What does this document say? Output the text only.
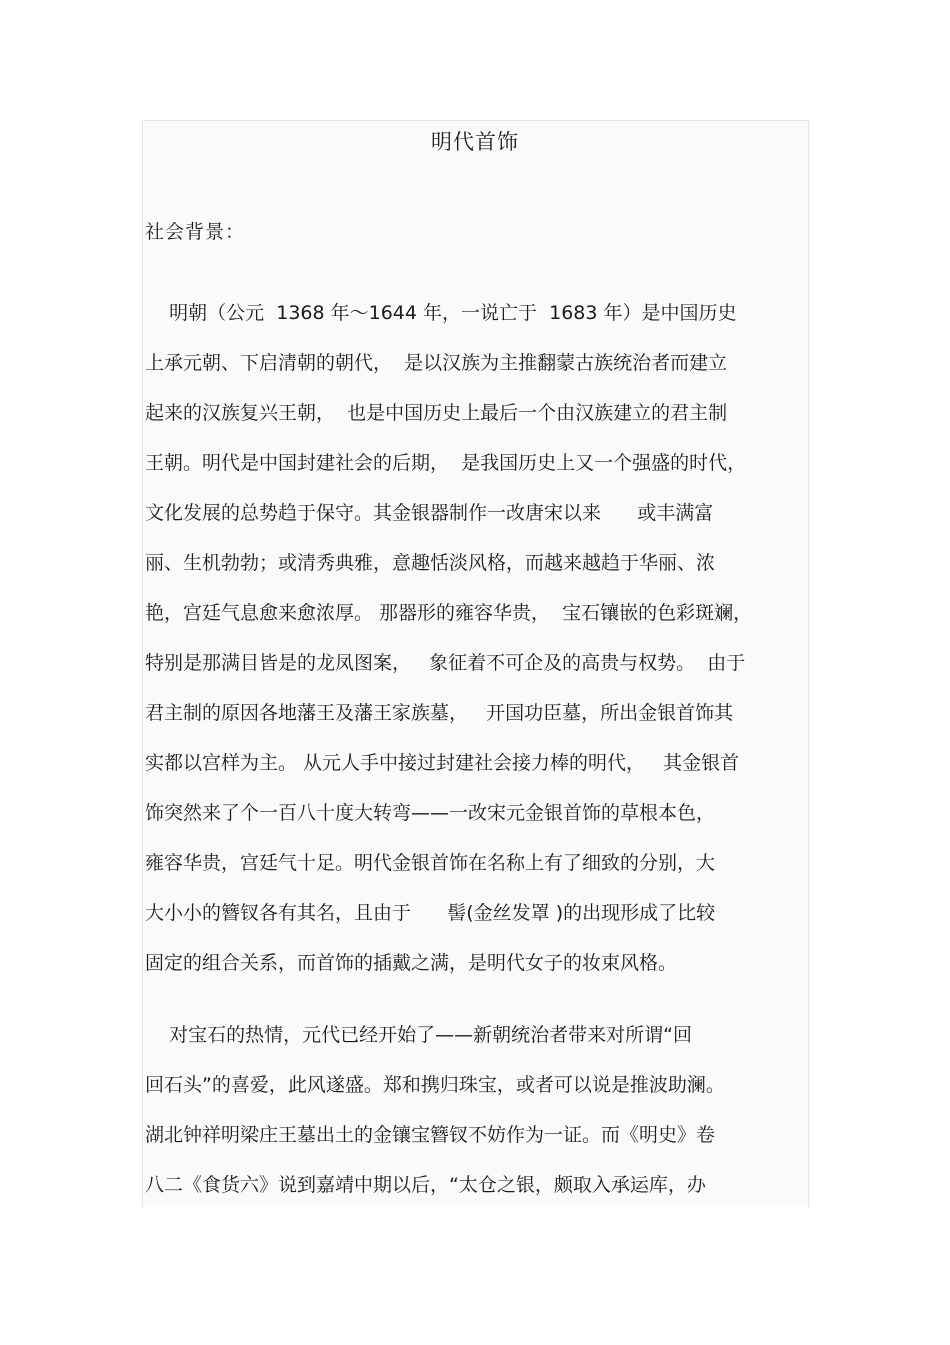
明代首饰
社会背景：
明朝（公元  1368 年～1644 年，一说亡于  1683 年）是中国历史
上承元朝、下启清朝的朝代，  是以汉族为主推翻蒙古族统治者而建立
起来的汉族复兴王朝，  也是中国历史上最后一个由汉族建立的君主制
王朝。明代是中国封建社会的后期，  是我国历史上又一个强盛的时代，
文化发展的总势趋于保守。其金银器制作一改唐宋以来      或丰满富
丽、生机勃勃；或清秀典雅，意趣恬淡风格，而越来越趋于华丽、浓
艳，宫廷气息愈来愈浓厚。 那器形的雍容华贵，  宝石镶嵌的色彩斑斓，
特别是那满目皆是的龙凤图案，   象征着不可企及的高贵与权势。  由于
君主制的原因各地藩王及藩王家族墓，   开国功臣墓，所出金银首饰其
实都以宫样为主。 从元人手中接过封建社会接力棒的明代，   其金银首
饰突然来了个一百八十度大转弯——一改宋元金银首饰的草根本色，
雍容华贵，宫廷气十足。明代金银首饰在名称上有了细致的分别，大
大小小的簪钗各有其名，且由于      髻(金丝发罩 )的出现形成了比较
固定的组合关系，而首饰的插戴之满，是明代女子的妆束风格。
对宝石的热情，元代已经开始了——新朝统治者带来对所谓“回
回石头”的喜爱，此风遂盛。郑和携归珠宝，或者可以说是推波助澜。
湖北钟祥明梁庄王墓出土的金镶宝簪钗不妨作为一证。而《明史》卷
八二《食货六》说到嘉靖中期以后，“太仓之银，颇取入承运库，办
